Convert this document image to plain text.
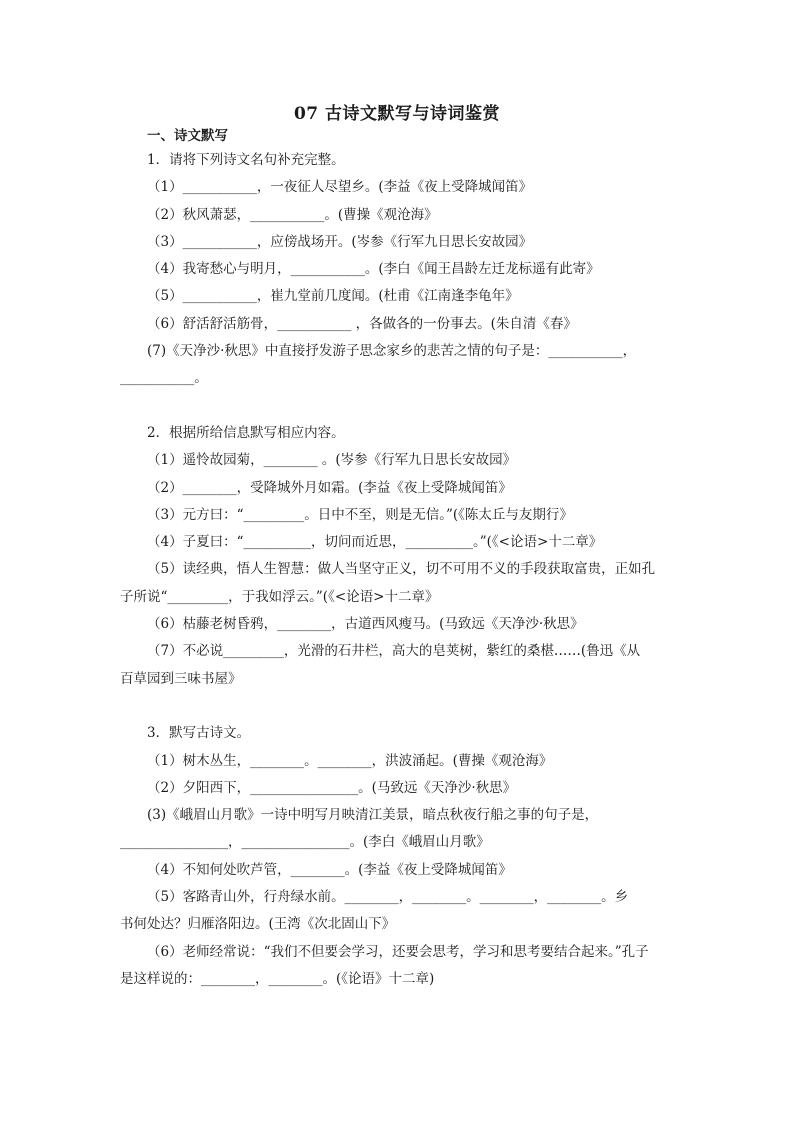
07 古诗文默写与诗词鉴赏
一、诗文默写
1．请将下列诗文名句补充完整。
（1）___________，一夜征人尽望乡。(李益《夜上受降城闻笛》
（2）秋风萧瑟，___________。(曹操《观沧海》
（3）___________，应傍战场开。(岑参《行军九日思长安故园》
（4）我寄愁心与明月，___________。(李白《闻王昌龄左迁龙标遥有此寄》
（5）___________，崔九堂前几度闻。(杜甫《江南逢李龟年》
（6）舒活舒活筋骨，___________ ，各做各的一份事去。(朱自清《春》
(7)《天净沙·秋思》中直接抒发游子思念家乡的悲苦之情的句子是：___________，
___________。
2．根据所给信息默写相应内容。
（1）遥怜故园菊，________ 。(岑参《行军九日思长安故园》
（2）________，受降城外月如霜。(李益《夜上受降城闻笛》
（3）元方曰：“_________。日中不至，则是无信。”(《陈太丘与友期行》
（4）子夏曰：“__________，切问而近思，__________。”(《<论语>十二章》
（5）读经典，悟人生智慧：做人当坚守正义，切不可用不义的手段获取富贵，正如孔
子所说“_________，于我如浮云。”(《<论语>十二章》
（6）枯藤老树昏鸦，________，古道西风瘦马。(马致远《天净沙·秋思》
（7）不必说_________，光滑的石井栏，高大的皂荚树，紫红的桑椹……(鲁迅《从
百草园到三味书屋》
3．默写古诗文。
（1）树木丛生，________。________，洪波涌起。(曹操《观沧海》
（2）夕阳西下，________________。(马致远《天净沙·秋思》
(3)《峨眉山月歌》一诗中明写月映清江美景，暗点秋夜行船之事的句子是，
________________，________________。(李白《峨眉山月歌》
（4）不知何处吹芦管，________。(李益《夜上受降城闻笛》
（5）客路青山外，行舟绿水前。________，________。________，________。乡
书何处达？归雁洛阳边。(王湾《次北固山下》
（6）老师经常说：“我们不但要会学习，还要会思考，学习和思考要结合起来。”孔子
是这样说的：________，________。(《论语》十二章)
